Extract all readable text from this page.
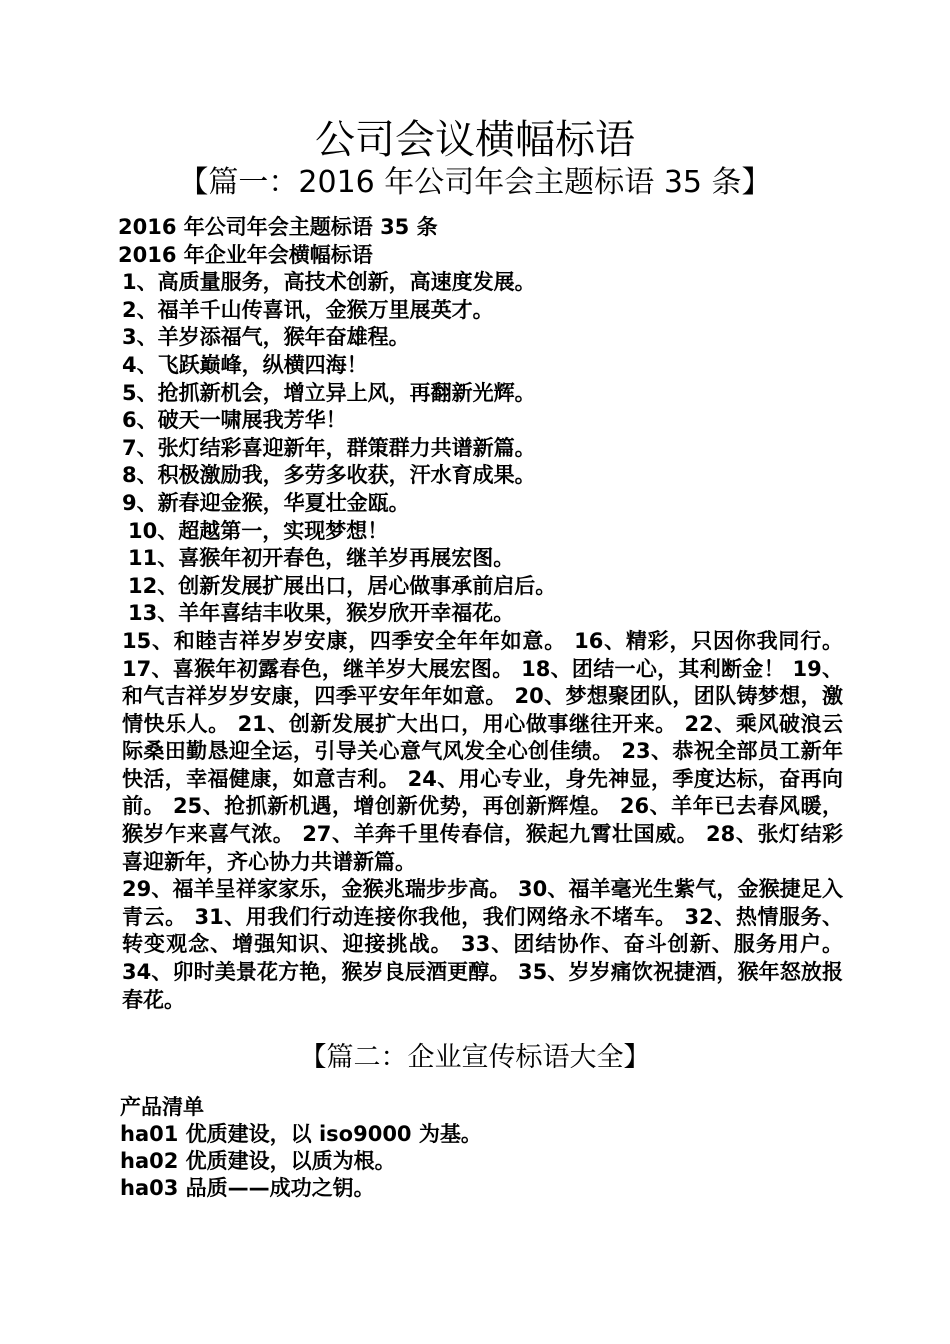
公司会议横幅标语
【篇一：2016 年公司年会主题标语 35 条】
2016 年公司年会主题标语 35 条
2016 年企业年会横幅标语
1、高质量服务，高技术创新，高速度发展。
2、福羊千山传喜讯，金猴万里展英才。
3、羊岁添福气，猴年奋雄程。
4、飞跃巅峰，纵横四海！
5、抢抓新机会，增立异上风，再翻新光辉。
6、破天一啸展我芳华！
7、张灯结彩喜迎新年，群策群力共谱新篇。
8、积极激励我，多劳多收获，汗水育成果。
9、新春迎金猴，华夏壮金瓯。
10、超越第一，实现梦想！
11、喜猴年初开春色，继羊岁再展宏图。
12、创新发展扩展出口，居心做事承前启后。
13、羊年喜结丰收果，猴岁欣开幸福花。
15、和睦吉祥岁岁安康，四季安全年年如意。 16、精彩，只因你我同行。 17、喜猴年初露春色，继羊岁大展宏图。 18、团结一心，其利断金！ 19、和气吉祥岁岁安康，四季平安年年如意。 20、梦想聚团队，团队铸梦想，激情快乐人。 21、创新发展扩大出口，用心做事继往开来。 22、乘风破浪云际桑田勤恳迎全运，引导关心意气风发全心创佳绩。 23、恭祝全部员工新年快活，幸福健康，如意吉利。 24、用心专业，身先神显，季度达标，奋再向前。 25、抢抓新机遇，增创新优势，再创新辉煌。 26、羊年已去春风暖，猴岁乍来喜气浓。 27、羊奔千里传春信，猴起九霄壮国威。 28、张灯结彩喜迎新年，齐心协力共谱新篇。
29、福羊呈祥家家乐，金猴兆瑞步步高。 30、福羊毫光生紫气，金猴捷足入青云。 31、用我们行动连接你我他，我们网络永不堵车。 32、热情服务、转变观念、增强知识、迎接挑战。 33、团结协作、奋斗创新、服务用户。 34、卯时美景花方艳，猴岁良辰酒更醇。 35、岁岁痛饮祝捷酒，猴年怒放报春花。
【篇二：企业宣传标语大全】
产品清单
ha01 优质建设，以 iso9000 为基。
ha02 优质建设，以质为根。
ha03 品质——成功之钥。
